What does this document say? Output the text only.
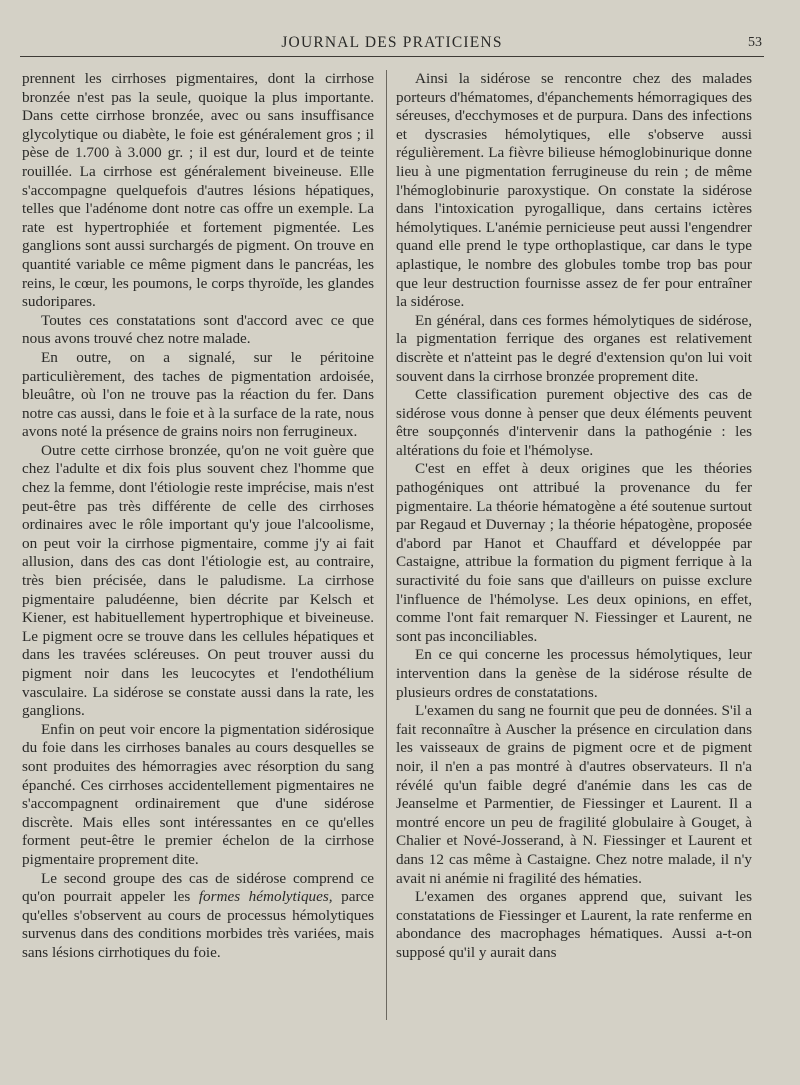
JOURNAL DES PRATICIENS	53

prennent les cirrhoses pigmentaires, dont la cirrhose bronzée n'est pas la seule, quoique la plus importante. Dans cette cirrhose bronzée, avec ou sans insuffisance glycolytique ou diabète, le foie est généralement gros ; il pèse de 1.700 à 3.000 gr. ; il est dur, lourd et de teinte rouillée. La cirrhose est généralement biveineuse. Elle s'accompagne quelquefois d'autres lésions hépatiques, telles que l'adénome dont notre cas offre un exemple. La rate est hypertrophiée et fortement pigmentée. Les ganglions sont aussi surchargés de pigment. On trouve en quantité variable ce même pigment dans le pancréas, les reins, le cœur, les poumons, le corps thyroïde, les glandes sudoripares.

Toutes ces constatations sont d'accord avec ce que nous avons trouvé chez notre malade.

En outre, on a signalé, sur le péritoine particulièrement, des taches de pigmentation ardoisée, bleuâtre, où l'on ne trouve pas la réaction du fer. Dans notre cas aussi, dans le foie et à la surface de la rate, nous avons noté la présence de grains noirs non ferrugineux.

Outre cette cirrhose bronzée, qu'on ne voit guère que chez l'adulte et dix fois plus souvent chez l'homme que chez la femme, dont l'étiologie reste imprécise, mais n'est peut-être pas très différente de celle des cirrhoses ordinaires avec le rôle important qu'y joue l'alcoolisme, on peut voir la cirrhose pigmentaire, comme j'y ai fait allusion, dans des cas dont l'étiologie est, au contraire, très bien précisée, dans le paludisme. La cirrhose pigmentaire paludéenne, bien décrite par Kelsch et Kiener, est habituellement hypertrophique et biveineuse. Le pigment ocre se trouve dans les cellules hépatiques et dans les travées scléreuses. On peut trouver aussi du pigment noir dans les leucocytes et l'endothélium vasculaire. La sidérose se constate aussi dans la rate, les ganglions.

Enfin on peut voir encore la pigmentation sidérosique du foie dans les cirrhoses banales au cours desquelles se sont produites des hémorragies avec résorption du sang épanché. Ces cirrhoses accidentellement pigmentaires ne s'accompagnent ordinairement que d'une sidérose discrète. Mais elles sont intéressantes en ce qu'elles forment peut-être le premier échelon de la cirrhose pigmentaire proprement dite.

Le second groupe des cas de sidérose comprend ce qu'on pourrait appeler les formes hémolytiques, parce qu'elles s'observent au cours de processus hémolytiques survenus dans des conditions morbides très variées, mais sans lésions cirrhotiques du foie.

Ainsi la sidérose se rencontre chez des malades porteurs d'hématomes, d'épanchements hémorragiques des séreuses, d'ecchymoses et de purpura. Dans des infections et dyscrasies hémolytiques, elle s'observe aussi régulièrement. La fièvre bilieuse hémoglobinurique donne lieu à une pigmentation ferrugineuse du rein ; de même l'hémoglobinurie paroxystique. On constate la sidérose dans l'intoxication pyrogallique, dans certains ictères hémolytiques. L'anémie pernicieuse peut aussi l'engendrer quand elle prend le type orthoplastique, car dans le type aplastique, le nombre des globules tombe trop bas pour que leur destruction fournisse assez de fer pour entraîner la sidérose.

En général, dans ces formes hémolytiques de sidérose, la pigmentation ferrique des organes est relativement discrète et n'atteint pas le degré d'extension qu'on lui voit souvent dans la cirrhose bronzée proprement dite.

Cette classification purement objective des cas de sidérose vous donne à penser que deux éléments peuvent être soupçonnés d'intervenir dans la pathogénie : les altérations du foie et l'hémolyse.

C'est en effet à deux origines que les théories pathogéniques ont attribué la provenance du fer pigmentaire. La théorie hématogène a été soutenue surtout par Regaud et Duvernay ; la théorie hépatogène, proposée d'abord par Hanot et Chauffard et développée par Castaigne, attribue la formation du pigment ferrique à la suractivité du foie sans que d'ailleurs on puisse exclure l'influence de l'hémolyse. Les deux opinions, en effet, comme l'ont fait remarquer N. Fiessinger et Laurent, ne sont pas inconciliables.

En ce qui concerne les processus hémolytiques, leur intervention dans la genèse de la sidérose résulte de plusieurs ordres de constatations.

L'examen du sang ne fournit que peu de données. S'il a fait reconnaître à Auscher la présence en circulation dans les vaisseaux de grains de pigment ocre et de pigment noir, il n'en a pas montré à d'autres observateurs. Il n'a révélé qu'un faible degré d'anémie dans les cas de Jeanselme et Parmentier, de Fiessinger et Laurent. Il a montré encore un peu de fragilité globulaire à Gouget, à Chalier et Nové-Josserand, à N. Fiessinger et Laurent et dans 12 cas même à Castaigne. Chez notre malade, il n'y avait ni anémie ni fragilité des hématies.

L'examen des organes apprend que, suivant les constatations de Fiessinger et Laurent, la rate renferme en abondance des macrophages hématiques. Aussi a-t-on supposé qu'il y aurait dans
